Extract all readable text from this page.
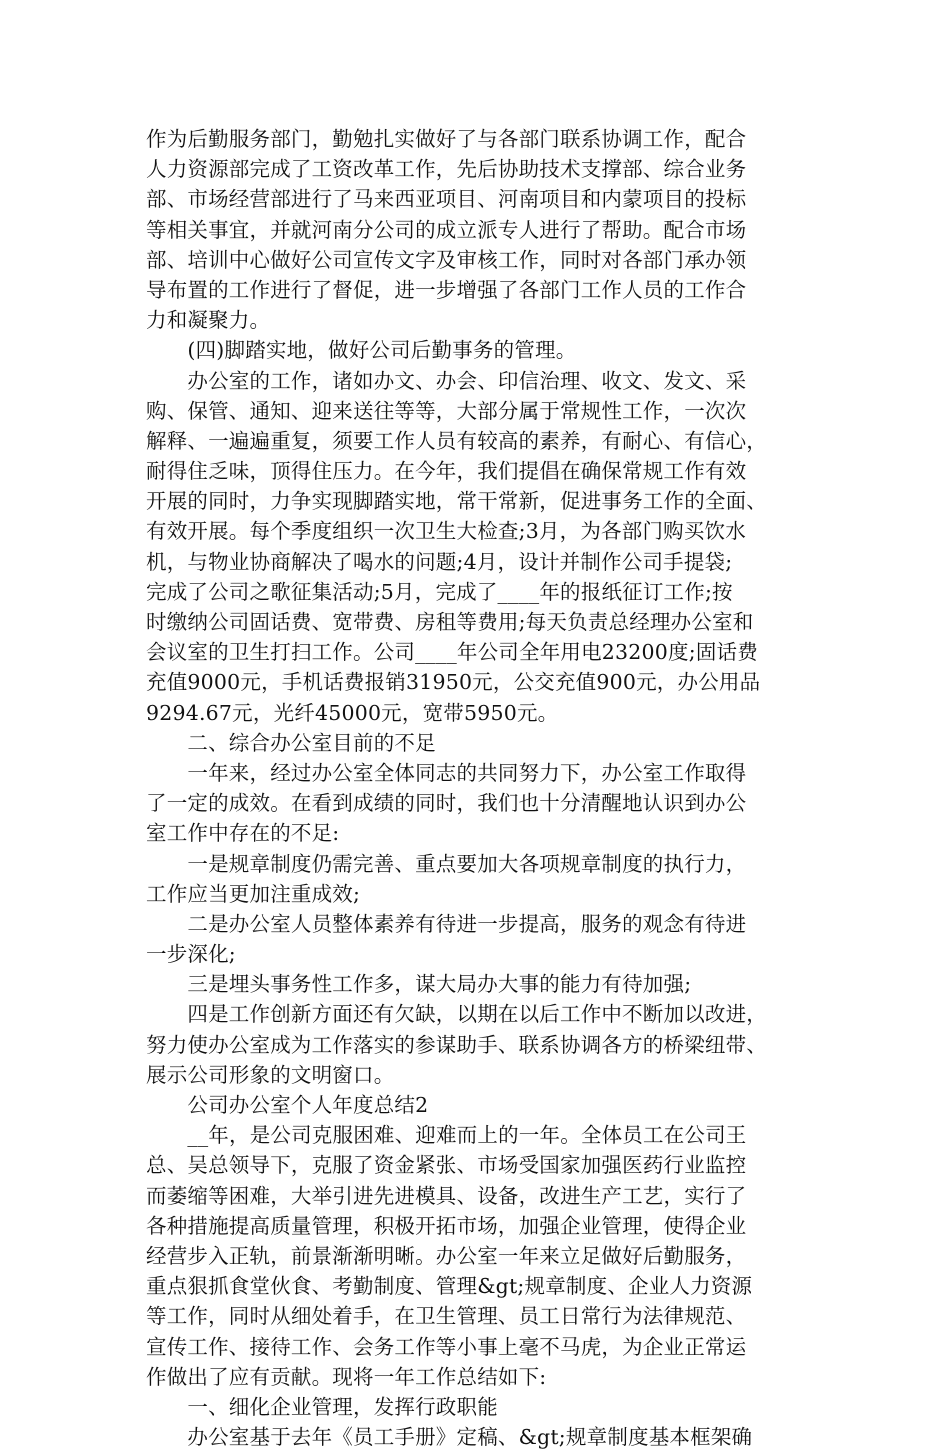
作为后勤服务部门，勤勉扎实做好了与各部门联系协调工作，配合
人力资源部完成了工资改革工作，先后协助技术支撑部、综合业务
部、市场经营部进行了马来西亚项目、河南项目和内蒙项目的投标
等相关事宜，并就河南分公司的成立派专人进行了帮助。配合市场
部、培训中心做好公司宣传文字及审核工作，同时对各部门承办领
导布置的工作进行了督促，进一步增强了各部门工作人员的工作合
力和凝聚力。
　　(四)脚踏实地，做好公司后勤事务的管理。
　　办公室的工作，诸如办文、办会、印信治理、收文、发文、采
购、保管、通知、迎来送往等等，大部分属于常规性工作，一次次
解释、一遍遍重复，须要工作人员有较高的素养，有耐心、有信心，
耐得住乏味，顶得住压力。在今年，我们提倡在确保常规工作有效
开展的同时，力争实现脚踏实地，常干常新，促进事务工作的全面、
有效开展。每个季度组织一次卫生大检查;3月，为各部门购买饮水
机，与物业协商解决了喝水的问题;4月，设计并制作公司手提袋;
完成了公司之歌征集活动;5月，完成了____年的报纸征订工作;按
时缴纳公司固话费、宽带费、房租等费用;每天负责总经理办公室和
会议室的卫生打扫工作。公司____年公司全年用电23200度;固话费
充值9000元，手机话费报销31950元，公交充值900元，办公用品
9294.67元，光纤45000元，宽带5950元。
　　二、综合办公室目前的不足
　　一年来，经过办公室全体同志的共同努力下，办公室工作取得
了一定的成效。在看到成绩的同时，我们也十分清醒地认识到办公
室工作中存在的不足:
　　一是规章制度仍需完善、重点要加大各项规章制度的执行力，
工作应当更加注重成效;
　　二是办公室人员整体素养有待进一步提高，服务的观念有待进
一步深化;
　　三是埋头事务性工作多，谋大局办大事的能力有待加强;
　　四是工作创新方面还有欠缺，以期在以后工作中不断加以改进，
努力使办公室成为工作落实的参谋助手、联系协调各方的桥梁纽带、
展示公司形象的文明窗口。
　　公司办公室个人年度总结2
　　__年，是公司克服困难、迎难而上的一年。全体员工在公司王
总、吴总领导下，克服了资金紧张、市场受国家加强医药行业监控
而萎缩等困难，大举引进先进模具、设备，改进生产工艺，实行了
各种措施提高质量管理，积极开拓市场，加强企业管理，使得企业
经营步入正轨，前景渐渐明晰。办公室一年来立足做好后勤服务，
重点狠抓食堂伙食、考勤制度、管理&gt;规章制度、企业人力资源
等工作，同时从细处着手，在卫生管理、员工日常行为法律规范、
宣传工作、接待工作、会务工作等小事上毫不马虎，为企业正常运
作做出了应有贡献。现将一年工作总结如下:
　　一、细化企业管理，发挥行政职能
　　办公室基于去年《员工手册》定稿、&gt;规章制度基本框架确
